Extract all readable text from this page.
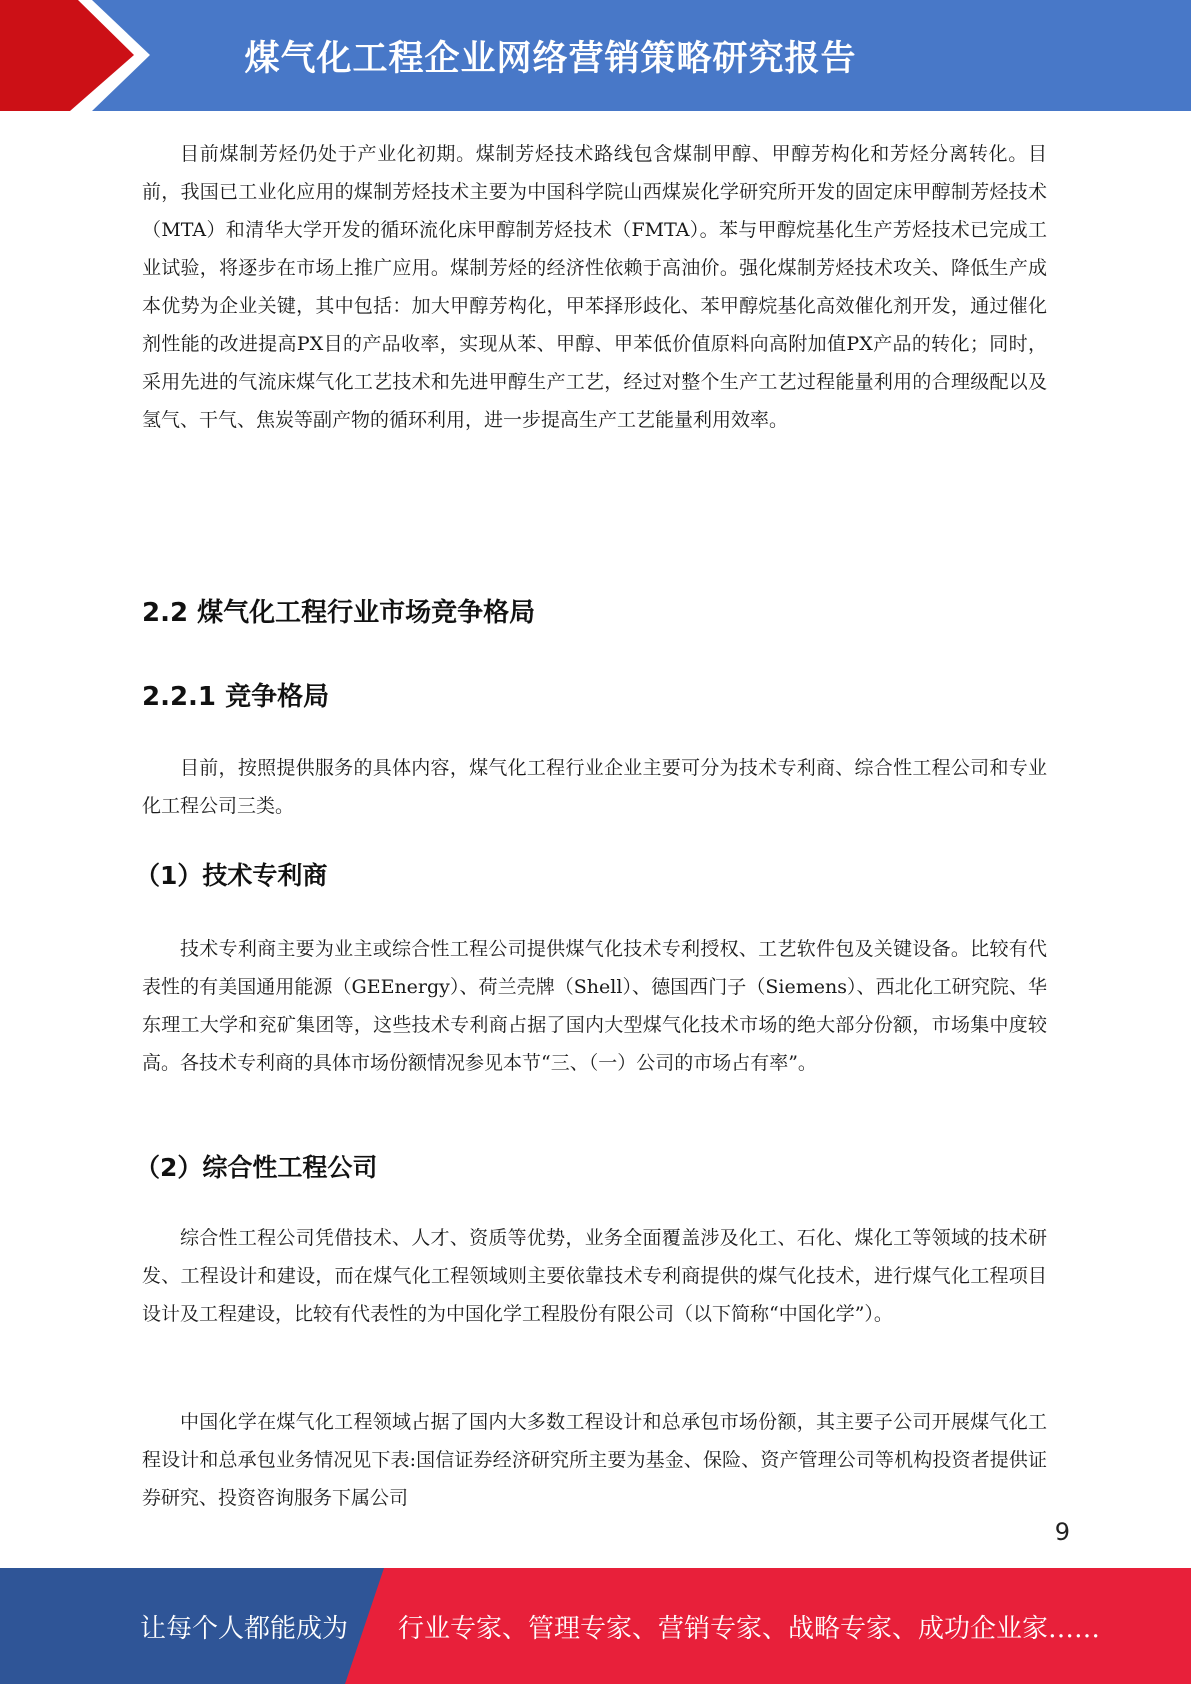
煤气化工程企业网络营销策略研究报告

目前煤制芳烃仍处于产业化初期。煤制芳烃技术路线包含煤制甲醇、甲醇芳构化和芳烃分离转化。目前，我国已工业化应用的煤制芳烃技术主要为中国科学院山西煤炭化学研究所开发的固定床甲醇制芳烃技术（MTA）和清华大学开发的循环流化床甲醇制芳烃技术（FMTA）。苯与甲醇烷基化生产芳烃技术已完成工业试验，将逐步在市场上推广应用。煤制芳烃的经济性依赖于高油价。强化煤制芳烃技术攻关、降低生产成本优势为企业关键，其中包括：加大甲醇芳构化，甲苯择形歧化、苯甲醇烷基化高效催化剂开发，通过催化剂性能的改进提高PX目的产品收率，实现从苯、甲醇、甲苯低价值原料向高附加值PX产品的转化；同时，采用先进的气流床煤气化工艺技术和先进甲醇生产工艺，经过对整个生产工艺过程能量利用的合理级配以及氢气、干气、焦炭等副产物的循环利用，进一步提高生产工艺能量利用效率。

2.2 煤气化工程行业市场竞争格局
2.2.1 竞争格局

目前，按照提供服务的具体内容，煤气化工程行业企业主要可分为技术专利商、综合性工程公司和专业化工程公司三类。

（1）技术专利商

技术专利商主要为业主或综合性工程公司提供煤气化技术专利授权、工艺软件包及关键设备。比较有代表性的有美国通用能源（GEEnergy）、荷兰壳牌（Shell）、德国西门子（Siemens）、西北化工研究院、华东理工大学和兖矿集团等，这些技术专利商占据了国内大型煤气化技术市场的绝大部分份额，市场集中度较高。各技术专利商的具体市场份额情况参见本节“三、（一）公司的市场占有率”。

（2）综合性工程公司

综合性工程公司凭借技术、人才、资质等优势，业务全面覆盖涉及化工、石化、煤化工等领域的技术研发、工程设计和建设，而在煤气化工程领域则主要依靠技术专利商提供的煤气化技术，进行煤气化工程项目设计及工程建设，比较有代表性的为中国化学工程股份有限公司（以下简称“中国化学”）。

中国化学在煤气化工程领域占据了国内大多数工程设计和总承包市场份额，其主要子公司开展煤气化工程设计和总承包业务情况见下表:国信证券经济研究所主要为基金、保险、资产管理公司等机构投资者提供证券研究、投资咨询服务下属公司

9
让每个人都能成为 行业专家、管理专家、营销专家、战略专家、成功企业家……
